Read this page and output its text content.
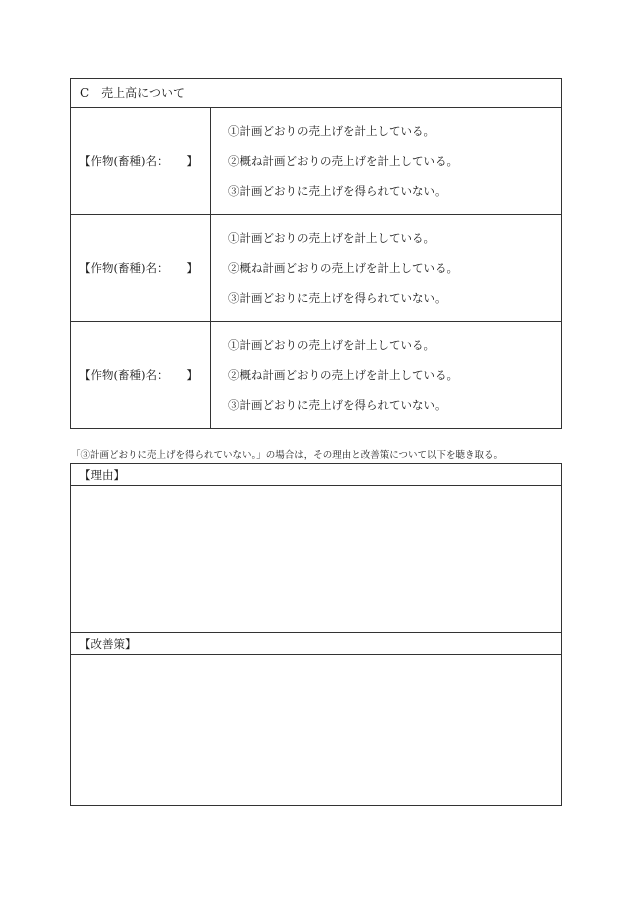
C　売上高について
【作物(畜種)名： 】
①計画どおりの売上げを計上している。
②概ね計画どおりの売上げを計上している。
③計画どおりに売上げを得られていない。
【作物(畜種)名： 】
①計画どおりの売上げを計上している。
②概ね計画どおりの売上げを計上している。
③計画どおりに売上げを得られていない。
【作物(畜種)名： 】
①計画どおりの売上げを計上している。
②概ね計画どおりの売上げを計上している。
③計画どおりに売上げを得られていない。
「③計画どおりに売上げを得られていない。」の場合は，その理由と改善策について以下を聴き取る。
【理由】
【改善策】
